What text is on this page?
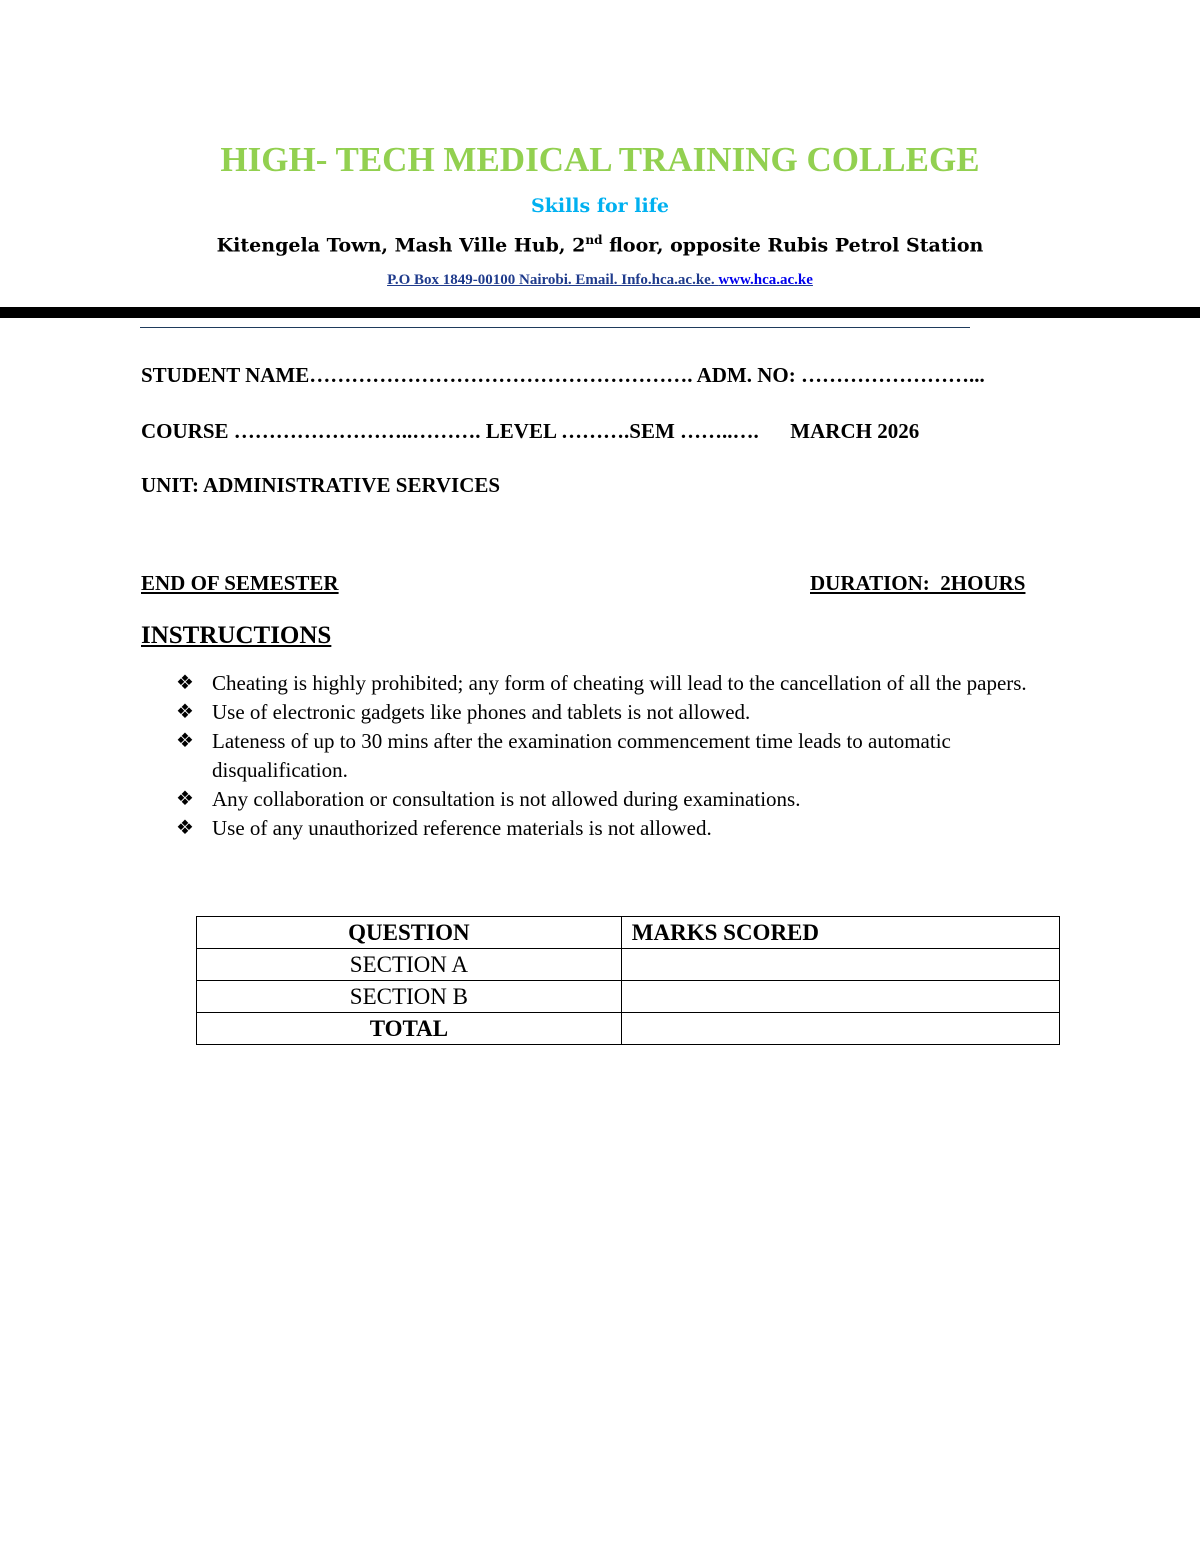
HIGH- TECH MEDICAL TRAINING COLLEGE
Skills for life
Kitengela Town, Mash Ville Hub, 2nd floor, opposite Rubis Petrol Station
P.O Box 1849-00100 Nairobi. Email. Info.hca.ac.ke. www.hca.ac.ke
STUDENT NAME………………………………………………. ADM. NO: ……………………...
COURSE ……………………..………. LEVEL ……….SEM ……..….      MARCH 2026
UNIT: ADMINISTRATIVE SERVICES
END OF SEMESTER	DURATION:  2HOURS
INSTRUCTIONS
❖ Cheating is highly prohibited; any form of cheating will lead to the cancellation of all the papers.
❖ Use of electronic gadgets like phones and tablets is not allowed.
❖ Lateness of up to 30 mins after the examination commencement time leads to automatic disqualification.
❖ Any collaboration or consultation is not allowed during examinations.
❖ Use of any unauthorized reference materials is not allowed.
QUESTION	MARKS SCORED
SECTION A	
SECTION B	
TOTAL	
